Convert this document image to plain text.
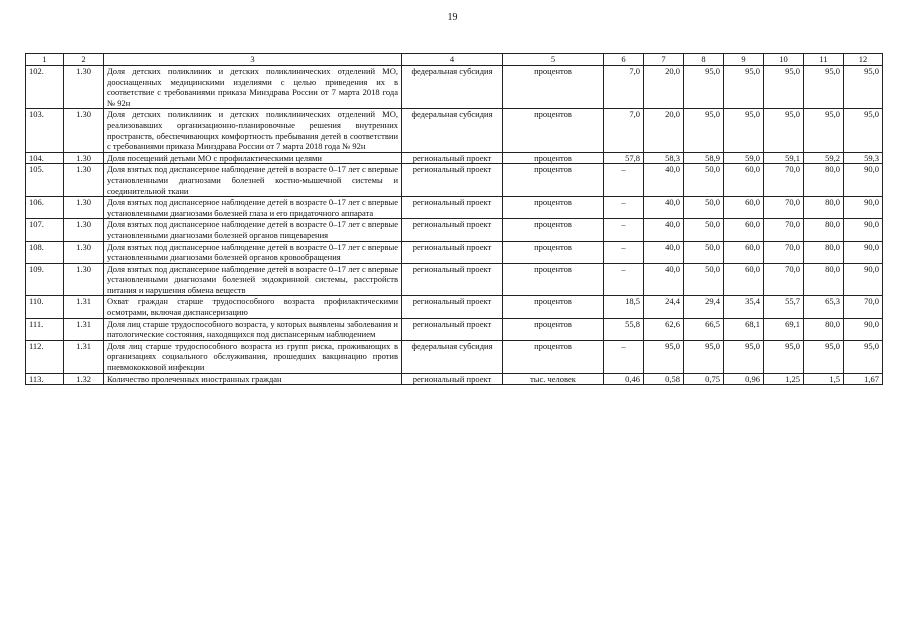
19
1	2	3	4	5	6	7	8	9	10	11	12
102.	1.30	Доля детских поликлиник и детских поликлинических отделений МО, дооснащенных медицинскими изделиями с целью приведения их в соответствие с требованиями приказа Минздрава России от 7 марта 2018 года № 92н	федеральная субсидия	процентов	7,0	20,0	95,0	95,0	95,0	95,0	95,0
103.	1.30	Доля детских поликлиник и детских поликлинических отделений МО, реализовавших организационно-планировочные решения внутренних пространств, обеспечивающих комфортность пребывания детей в соответствии с требованиями приказа Минздрава России от 7 марта 2018 года № 92н	федеральная субсидия	процентов	7,0	20,0	95,0	95,0	95,0	95,0	95,0
104.	1.30	Доля посещений детьми МО с профилактическими целями	региональный проект	процентов	57,8	58,3	58,9	59,0	59,1	59,2	59,3
105.	1.30	Доля взятых под диспансерное наблюдение детей в возрасте 0–17 лет с впервые установленными диагнозами болезней костно-мышечной системы и соединительной ткани	региональный проект	процентов	–	40,0	50,0	60,0	70,0	80,0	90,0
106.	1.30	Доля взятых под диспансерное наблюдение детей в возрасте 0–17 лет с впервые установленными диагнозами болезней глаза и его придаточного аппарата	региональный проект	процентов	–	40,0	50,0	60,0	70,0	80,0	90,0
107.	1.30	Доля взятых под диспансерное наблюдение детей в возрасте 0–17 лет с впервые установленными диагнозами болезней органов пищеварения	региональный проект	процентов	–	40,0	50,0	60,0	70,0	80,0	90,0
108.	1.30	Доля взятых под диспансерное наблюдение детей в возрасте 0–17 лет с впервые установленными диагнозами болезней органов кровообращения	региональный проект	процентов	–	40,0	50,0	60,0	70,0	80,0	90,0
109.	1.30	Доля взятых под диспансерное наблюдение детей в возрасте 0–17 лет с впервые установленными диагнозами болезней эндокринной системы, расстройств питания и нарушения обмена веществ	региональный проект	процентов	–	40,0	50,0	60,0	70,0	80,0	90,0
110.	1.31	Охват граждан старше трудоспособного возраста профилактическими осмотрами, включая диспансеризацию	региональный проект	процентов	18,5	24,4	29,4	35,4	55,7	65,3	70,0
111.	1.31	Доля лиц старше трудоспособного возраста, у которых выявлены заболевания и патологические состояния, находящихся под диспансерным наблюдением	региональный проект	процентов	55,8	62,6	66,5	68,1	69,1	80,0	90,0
112.	1.31	Доля лиц старше трудоспособного возраста из групп риска, проживающих в организациях социального обслуживания, прошедших вакцинацию против пневмококковой инфекции	федеральная субсидия	процентов	–	95,0	95,0	95,0	95,0	95,0	95,0
113.	1.32	Количество пролеченных иностранных граждан	региональный проект	тыс. человек	0,46	0,58	0,75	0,96	1,25	1,5	1,67
